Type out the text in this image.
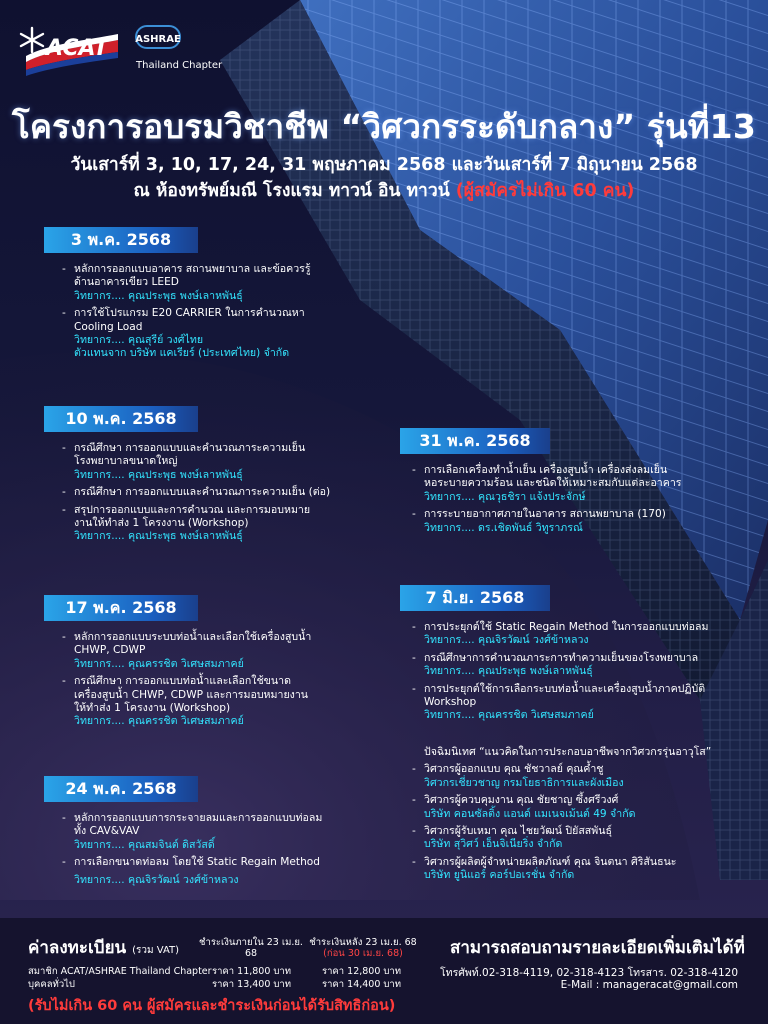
ACAT	ASHRAE
Thailand Chapter
โครงการอบรมวิชาชีพ “วิศวกรระดับกลาง” รุ่นที่13
วันเสาร์ที่ 3, 10, 17, 24, 31 พฤษภาคม 2568 และวันเสาร์ที่ 7 มิถุนายน 2568
ณ ห้องทรัพย์มณี โรงแรม ทาวน์ อิน ทาวน์ (ผู้สมัครไม่เกิน 60 คน)
3 พ.ค. 2568
- หลักการออกแบบอาคาร สถานพยาบาล และข้อควรรู้
ด้านอาคารเขียว LEED
วิทยากร.... คุณประพุธ พงษ์เลาหพันธุ์
- การใช้โปรแกรม E20 CARRIER ในการคำนวณหา
Cooling Load
วิทยากร.... คุณสุรีย์ วงศ์ไทย
ตัวแทนจาก บริษัท แคเรียร์ (ประเทศไทย) จำกัด
10 พ.ค. 2568
- กรณีศึกษา การออกแบบและคำนวณภาระความเย็น
โรงพยาบาลขนาดใหญ่
วิทยากร.... คุณประพุธ พงษ์เลาหพันธุ์
- กรณีศึกษา การออกแบบและคำนวณภาระความเย็น (ต่อ)
- สรุปการออกแบบและการคำนวณ และการมอบหมาย
งานให้ทำส่ง 1 โครงงาน (Workshop)
วิทยากร.... คุณประพุธ พงษ์เลาหพันธุ์
17 พ.ค. 2568
- หลักการออกแบบระบบท่อน้ำและเลือกใช้เครื่องสูบน้ำ
CHWP, CDWP
วิทยากร.... คุณครรชิต วิเศษสมภาคย์
- กรณีศึกษา การออกแบบท่อน้ำและเลือกใช้ขนาด
เครื่องสูบน้ำ CHWP, CDWP และการมอบหมายงาน
ให้ทำส่ง 1 โครงงาน (Workshop)
วิทยากร.... คุณครรชิต วิเศษสมภาคย์
24 พ.ค. 2568
- หลักการออกแบบการกระจายลมและการออกแบบท่อลม
ทั้ง CAV&VAV
วิทยากร.... คุณสมจินต์ ดิสวัสดิ์
- การเลือกขนาดท่อลม โดยใช้ Static Regain Method
วิทยากร.... คุณจิรวัฒน์ วงศ์ข้าหลวง
31 พ.ค. 2568
- การเลือกเครื่องทำน้ำเย็น เครื่องสูบน้ำ เครื่องส่งลมเย็น
หอระบายความร้อน และชนิดให้เหมาะสมกับแต่ละอาคาร
วิทยากร.... คุณวุธชิรา แจ้งประจักษ์
- การระบายอากาศภายในอาคาร สถานพยาบาล (170)
วิทยากร.... ดร.เชิดพันธ์ วิทูราภรณ์
7 มิ.ย. 2568
- การประยุกต์ใช้ Static Regain Method ในการออกแบบท่อลม
วิทยากร.... คุณจิรวัฒน์ วงศ์ข้าหลวง
- กรณีศึกษาการคำนวณภาระการทำความเย็นของโรงพยาบาล
วิทยากร.... คุณประพุธ พงษ์เลาหพันธุ์
- การประยุกต์ใช้การเลือกระบบท่อน้ำและเครื่องสูบน้ำภาคปฏิบัติ
Workshop
วิทยากร.... คุณครรชิต วิเศษสมภาคย์
ปัจฉิมนิเทศ “แนวคิดในการประกอบอาชีพจากวิศวกรรุ่นอาวุโส”
- วิศวกรผู้ออกแบบ คุณ ชัชวาลย์ คุณค้ำชู
วิศวกรเชี่ยวชาญ กรมโยธาธิการและผังเมือง
- วิศวกรผู้ควบคุมงาน คุณ ชัยชาญ ซึ้งศรีวงศ์
บริษัท คอนซัลติ้ง แอนด์ แมเนจเม้นต์ 49 จำกัด
- วิศวกรผู้รับเหมา คุณ ไชยวัฒน์ ปิยัสสพันธุ์
บริษัท สุวิศว์ เอ็นจิเนียริ่ง จำกัด
- วิศวกรผู้ผลิตผู้จำหน่ายผลิตภัณฑ์ คุณ จินตนา ศิริสันธนะ
บริษัท ยูนิแอร์ คอร์ปอเรชั่น จำกัด
ค่าลงทะเบียน (รวม VAT)
ชำระเงินภายใน 23 เม.ย. 68
ชำระเงินหลัง 23 เม.ย. 68
(ก่อน 30 เม.ย. 68)
สมาชิก ACAT/ASHRAE Thailand Chapter ราคา 11,800 บาท	ราคา 12,800 บาท
บุคคลทั่วไป	ราคา 13,400 บาท	ราคา 14,400 บาท
(รับไม่เกิน 60 คน ผู้สมัครและชำระเงินก่อนได้รับสิทธิก่อน)
สามารถสอบถามรายละเอียดเพิ่มเติมได้ที่
โทรศัพท์.02-318-4119, 02-318-4123 โทรสาร. 02-318-4120
E-Mail : manageracat@gmail.com
